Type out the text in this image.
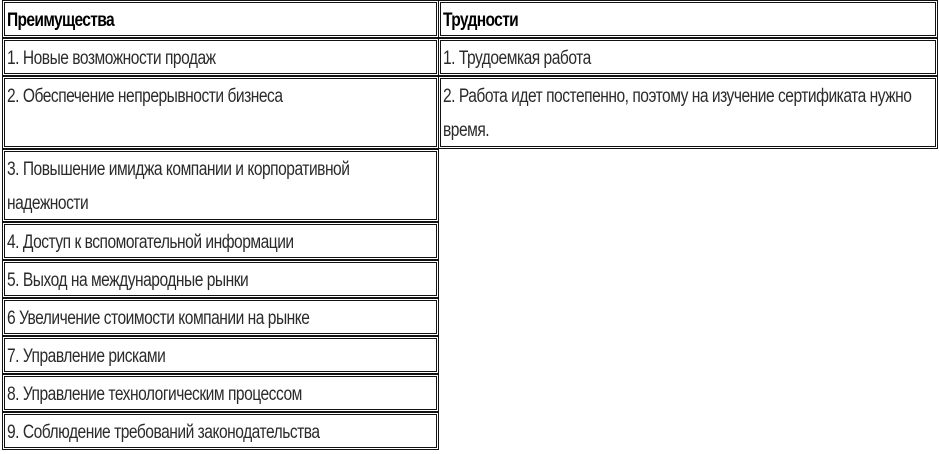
Преимущества	Трудности
1. Новые возможности продаж	1. Трудоемкая работа
2. Обеспечение непрерывности бизнеса	2. Работа идет постепенно, поэтому на изучение сертификата нужно время.
3. Повышение имиджа компании и корпоративной надежности
4. Доступ к вспомогательной информации
5. Выход на международные рынки
6 Увеличение стоимости компании на рынке
7. Управление рисками
8. Управление технологическим процессом
9. Соблюдение требований законодательства
